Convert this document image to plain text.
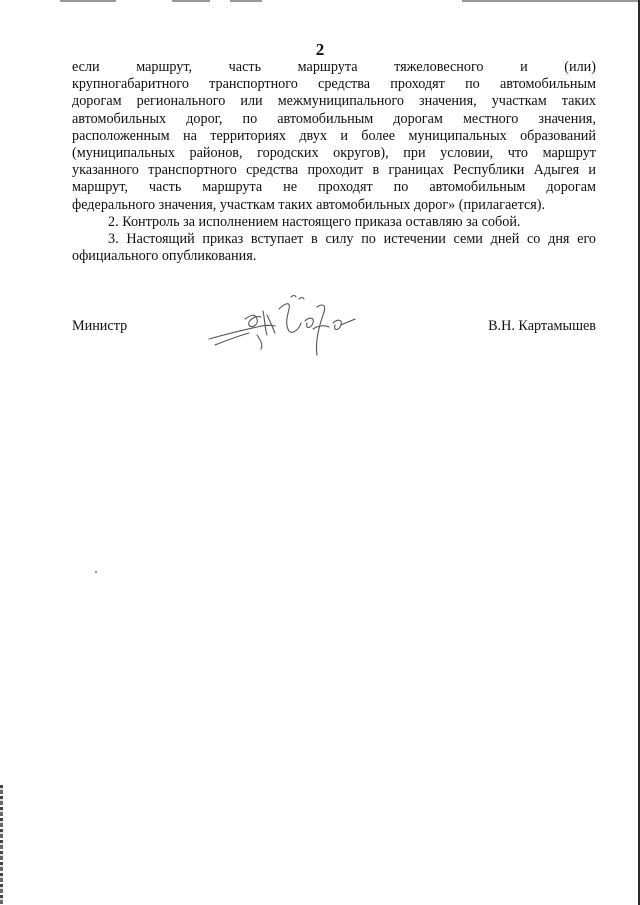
2

если маршрут, часть маршрута тяжеловесного и (или)
крупногабаритного транспортного средства проходят по автомобильным
дорогам регионального или межмуниципального значения, участкам таких
автомобильных дорог, по автомобильным дорогам местного значения,
расположенным на территориях двух и более муниципальных образований
(муниципальных районов, городских округов), при условии, что маршрут
указанного транспортного средства проходит в границах Республики Адыгея и
маршрут, часть маршрута не проходят по автомобильным дорогам
федерального значения, участкам таких автомобильных дорог» (прилагается).

2. Контроль за исполнением настоящего приказа оставляю за собой.

3. Настоящий приказ вступает в силу по истечении семи дней со дня его
официального опубликования.

Министр	В.Н. Картамышев
